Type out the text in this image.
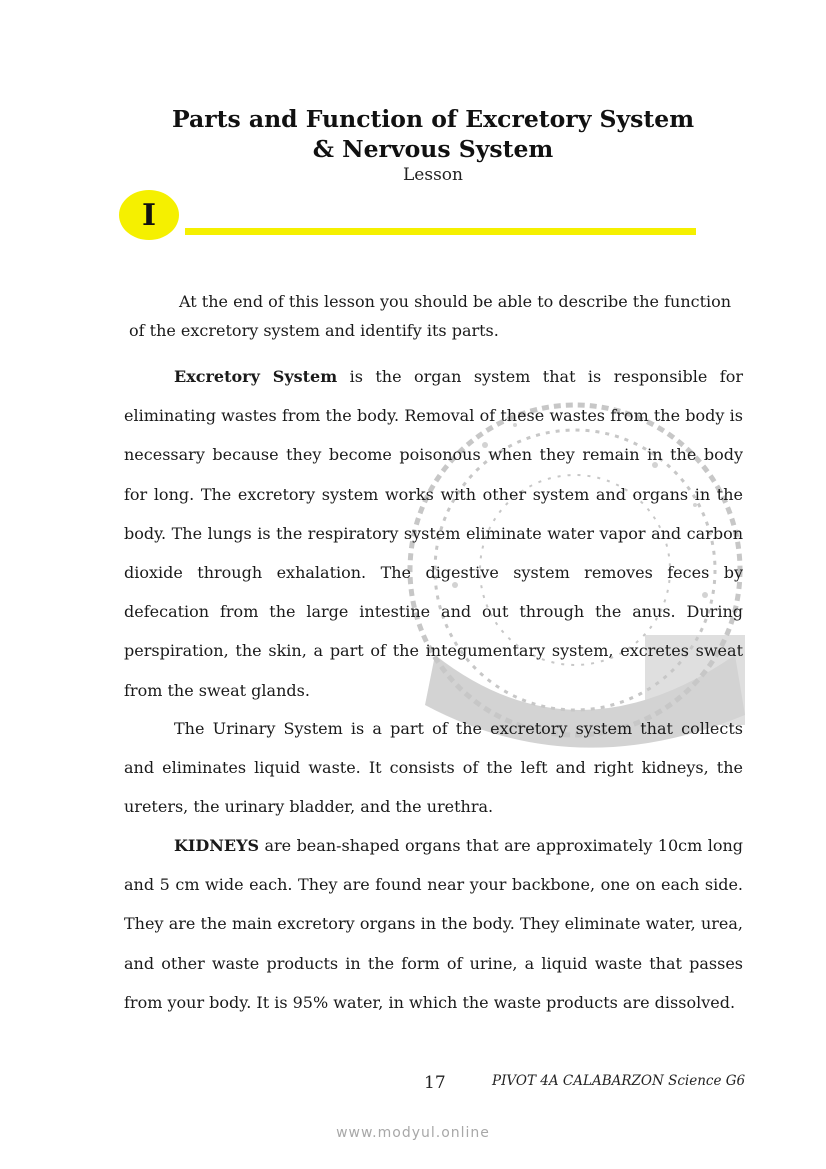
Parts and Function of Excretory System
& Nervous System
Lesson
I

At the end of this lesson you should be able to describe the function
of the excretory system and identify its parts.

Excretory System is the organ system that is responsible for eliminating wastes from the body. Removal of these wastes from the body is necessary because they become poisonous when they remain in the body for long. The excretory system works with other system and organs in the body. The lungs is the respiratory system eliminate water vapor and carbon dioxide through exhalation. The digestive system removes feces by defecation from the large intestine and out through the anus. During perspiration, the skin, a part of the integumentary system, excretes sweat from the sweat glands.

The Urinary System is a part of the excretory system that collects and eliminates liquid waste. It consists of the left and right kidneys, the ureters, the urinary bladder, and the urethra.

KIDNEYS are bean-shaped organs that are approximately 10cm long and 5 cm wide each. They are found near your backbone, one on each side. They are the main excretory organs in the body. They eliminate water, urea, and other waste products in the form of urine, a liquid waste that passes from your body. It is 95% water, in which the waste products are dissolved.

17	PIVOT 4A CALABARZON Science G6
www.modyul.online
